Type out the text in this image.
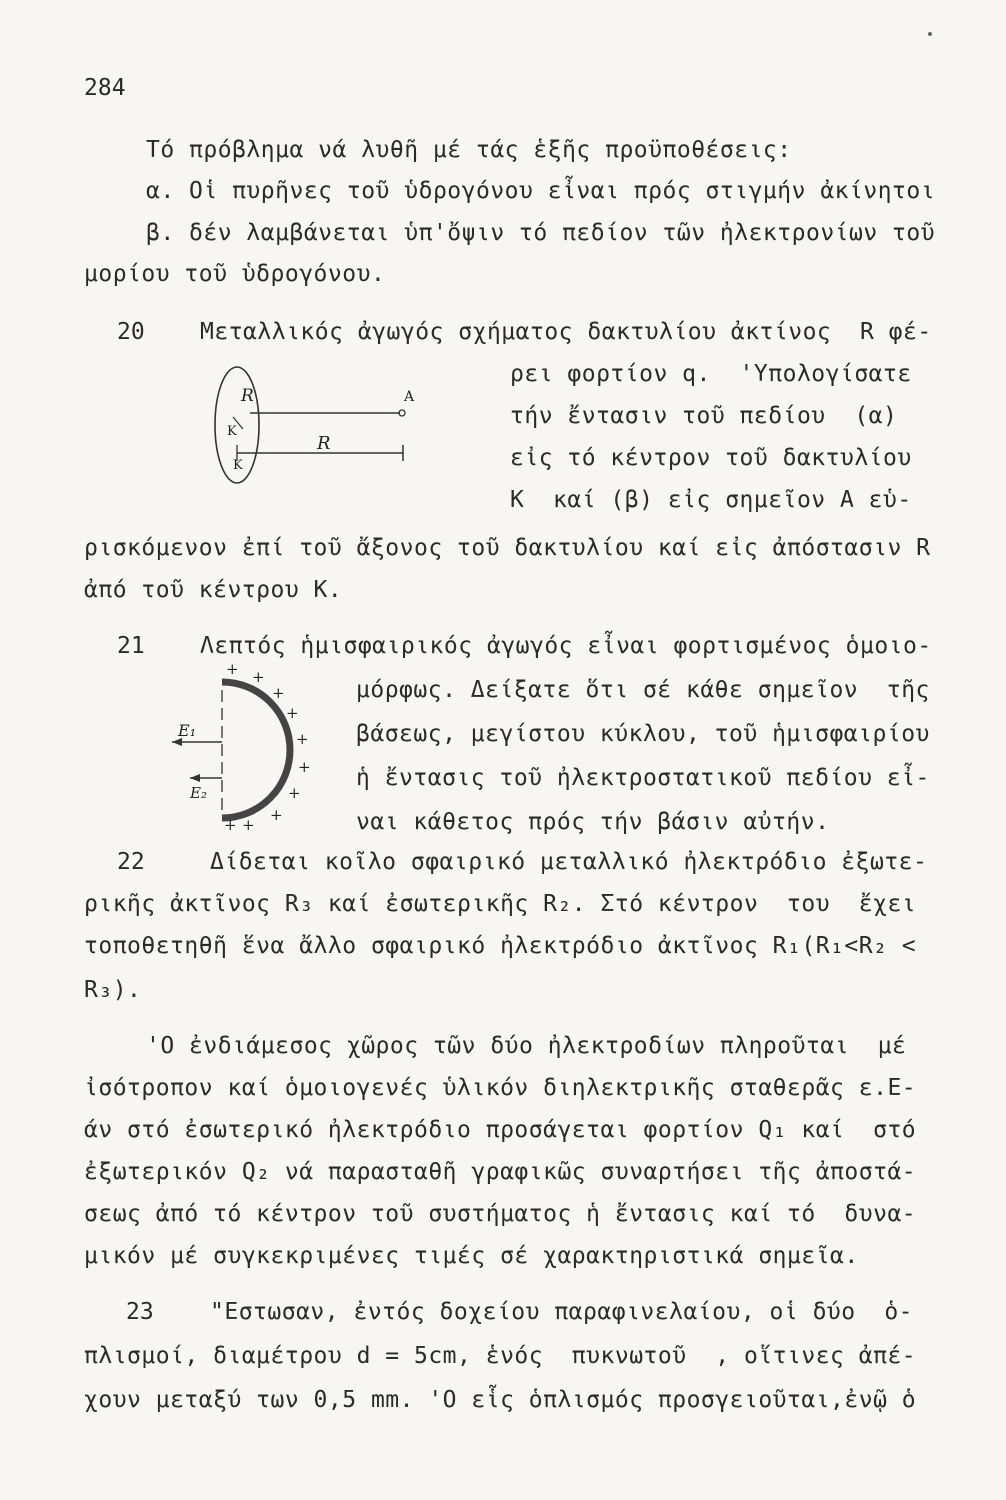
284
Τό πρόβλημα νά λυθῆ μέ τάς ἑξῆς προϋποθέσεις:
α. Οἱ πυρῆνες τοῦ ὑδρογόνου εἶναι πρός στιγμήν ἀκίνητοι
β. δέν λαμβάνεται ὑπ'ὄψιν τό πεδίον τῶν ἠλεκτρονίων τοῦ
μορίου τοῦ ὑδρογόνου.
20 Μεταλλικός ἀγωγός σχήματος δακτυλίου ἀκτίνος  R φέ-
ρει φορτίον q.  'Υπολογίσατε
τήν ἔντασιν τοῦ πεδίου  (α)
εἰς τό κέντρον τοῦ δακτυλίου
Κ  καί (β) εἰς σημεῖον Α εὑ-
ρισκόμενον ἐπί τοῦ ἄξονος τοῦ δακτυλίου καί εἰς ἀπόστασιν R
ἀπό τοῦ κέντρου Κ.
R
K
R
K
A
21 Λεπτός ἡμισφαιρικός ἀγωγός εἶναι φορτισμένος ὁμοιο-
μόρφως. Δείξατε ὅτι σέ κάθε σημεῖον  τῆς
βάσεως, μεγίστου κύκλου, τοῦ ἡμισφαιρίου
ἡ ἔντασις τοῦ ἠλεκτροστατικοῦ πεδίου εἶ-
ναι κάθετος πρός τήν βάσιν αὐτήν.
E₁
E₂
+ +
+
+
+
+
+
+
+
+
22	Δίδεται κοῖλο σφαιρικό μεταλλικό ἠλεκτρόδιο ἐξωτε-
ρικῆς ἀκτῖνος R₃ καί ἐσωτερικῆς R₂. Στό κέντρον  του  ἔχει
τοποθετηθῆ ἕνα ἄλλο σφαιρικό ἠλεκτρόδιο ἀκτῖνος R₁(R₁<R₂ <
R₃).
'Ο ἐνδιάμεσος χῶρος τῶν δύο ἠλεκτροδίων πληροῦται  μέ
ἰσότροπον καί ὁμοιογενές ὑλικόν διηλεκτρικῆς σταθερᾶς ε.Ε-
άν στό ἐσωτερικό ἠλεκτρόδιο προσάγεται φορτίον Q₁ καί  στό
ἐξωτερικόν Q₂ νά παρασταθῆ γραφικῶς συναρτήσει τῆς ἀποστά-
σεως ἀπό τό κέντρον τοῦ συστήματος ἡ ἔντασις καί τό  δυνα-
μικόν μέ συγκεκριμένες τιμές σέ χαρακτηριστικά σημεῖα.
23 "Εστωσαν, ἐντός δοχείου παραφινελαίου, οἱ δύο  ὁ-
πλισμοί, διαμέτρου d = 5cm, ἑνός  πυκνωτοῦ  , οἵτινες ἀπέ-
χουν μεταξύ των 0,5 mm. 'Ο εἷς ὁπλισμός προσγειοῦται,ἐνῷ ὁ
